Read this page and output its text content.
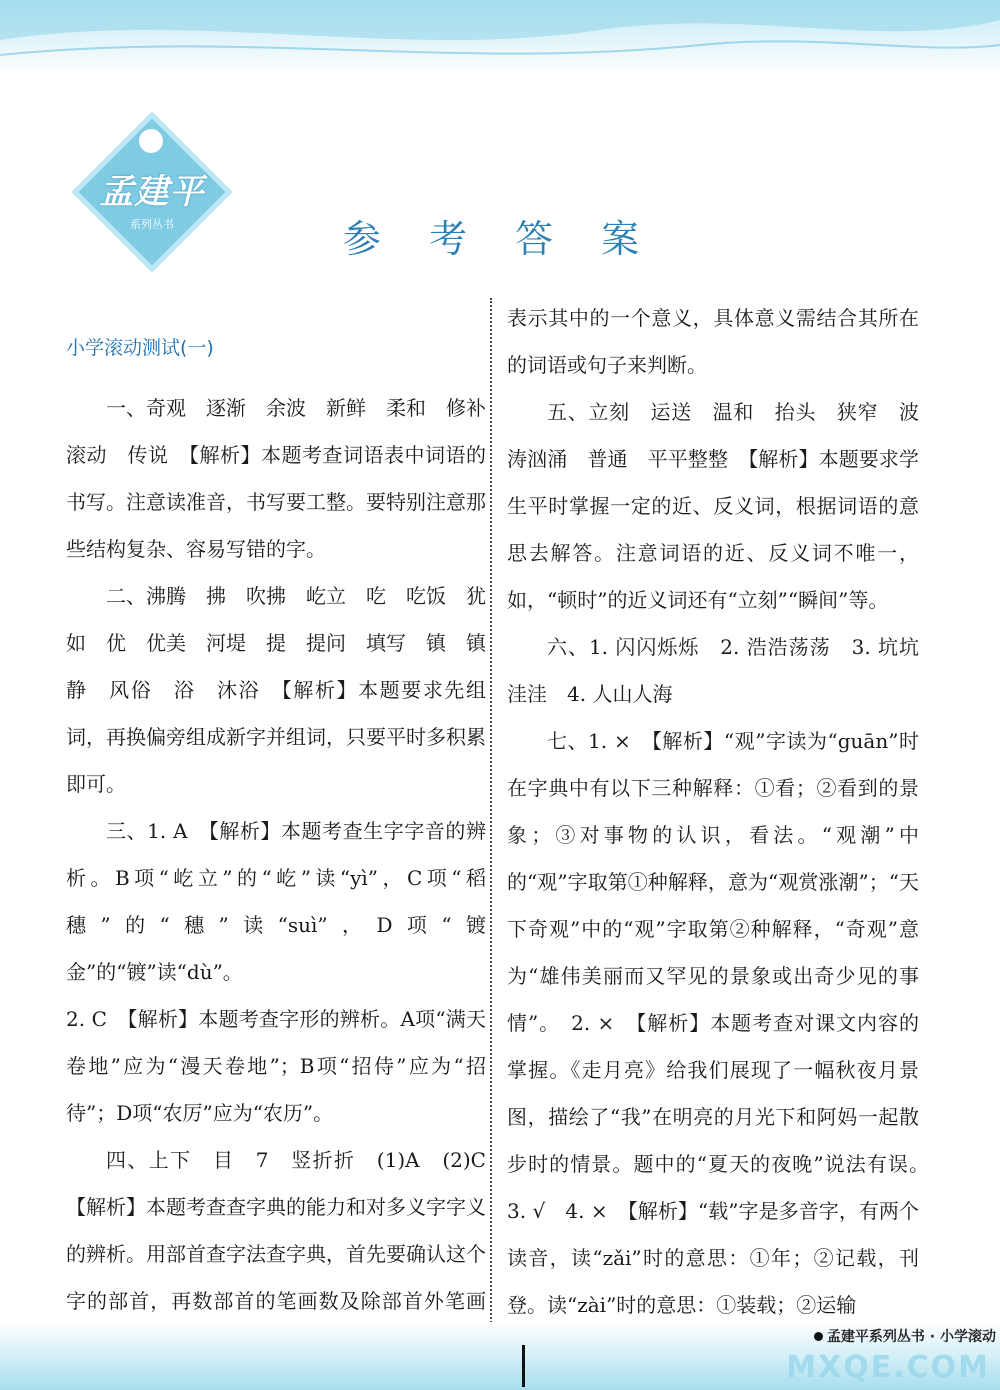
孟建平
系列丛书	参 考 答 案

小学滚动测试(一)

一、奇观　逐渐　余波　新鲜　柔和　修补　滚动　传说　【解析】本题考查词语表中词语的书写。注意读准音，书写要工整。要特别注意那些结构复杂、容易写错的字。

二、沸腾　拂　吹拂　屹立　吃　吃饭　犹如　优　优美　河堤　提　提问　填写　镇　镇静　风俗　浴　沐浴　【解析】本题要求先组词，再换偏旁组成新字并组词，只要平时多积累即可。

三、1. A　【解析】本题考查生字字音的辨析。B项“屹立”的“屹”读“yì”，C项“稻穗”的“穗”读“suì”，D项“镀金”的“镀”读“dù”。

2. C　【解析】本题考查字形的辨析。A项“满天卷地”应为“漫天卷地”；B项“招侍”应为“招待”；D项“农厉”应为“农历”。

四、上下　目　7　竖折折　(1)A　(2)C　【解析】本题考查查字典的能力和对多义字字义的辨析。用部首查字法查字典，首先要确认这个字的部首，再数部首的笔画数及除部首外笔画

表示其中的一个意义，具体意义需结合其所在的词语或句子来判断。

五、立刻　运送　温和　抬头　狭窄　波涛汹涌　普通　平平整整　【解析】本题要求学生平时掌握一定的近、反义词，根据词语的意思去解答。注意词语的近、反义词不唯一，如，“顿时”的近义词还有“立刻”“瞬间”等。

六、1. 闪闪烁烁　2. 浩浩荡荡　3. 坑坑洼洼　4. 人山人海

七、1. ×　【解析】“观”字读为“guān”时在字典中有以下三种解释：①看；②看到的景象；③对事物的认识，看法。“观潮”中的“观”字取第①种解释，意为“观赏涨潮”；“天下奇观”中的“观”字取第②种解释，“奇观”意为“雄伟美丽而又罕见的景象或出奇少见的事情”。　2. ×　【解析】本题考查对课文内容的掌握。《走月亮》给我们展现了一幅秋夜月景图，描绘了“我”在明亮的月光下和阿妈一起散步时的情景。题中的“夏天的夜晚”说法有误。　3. √　4. ×　【解析】“载”字是多音字，有两个读音，读“zǎi”时的意思：①年；②记载，刊登。读“zài”时的意思：①装载；②运输

孟建平系列丛书 · 小学滚动
MXQE.COM
